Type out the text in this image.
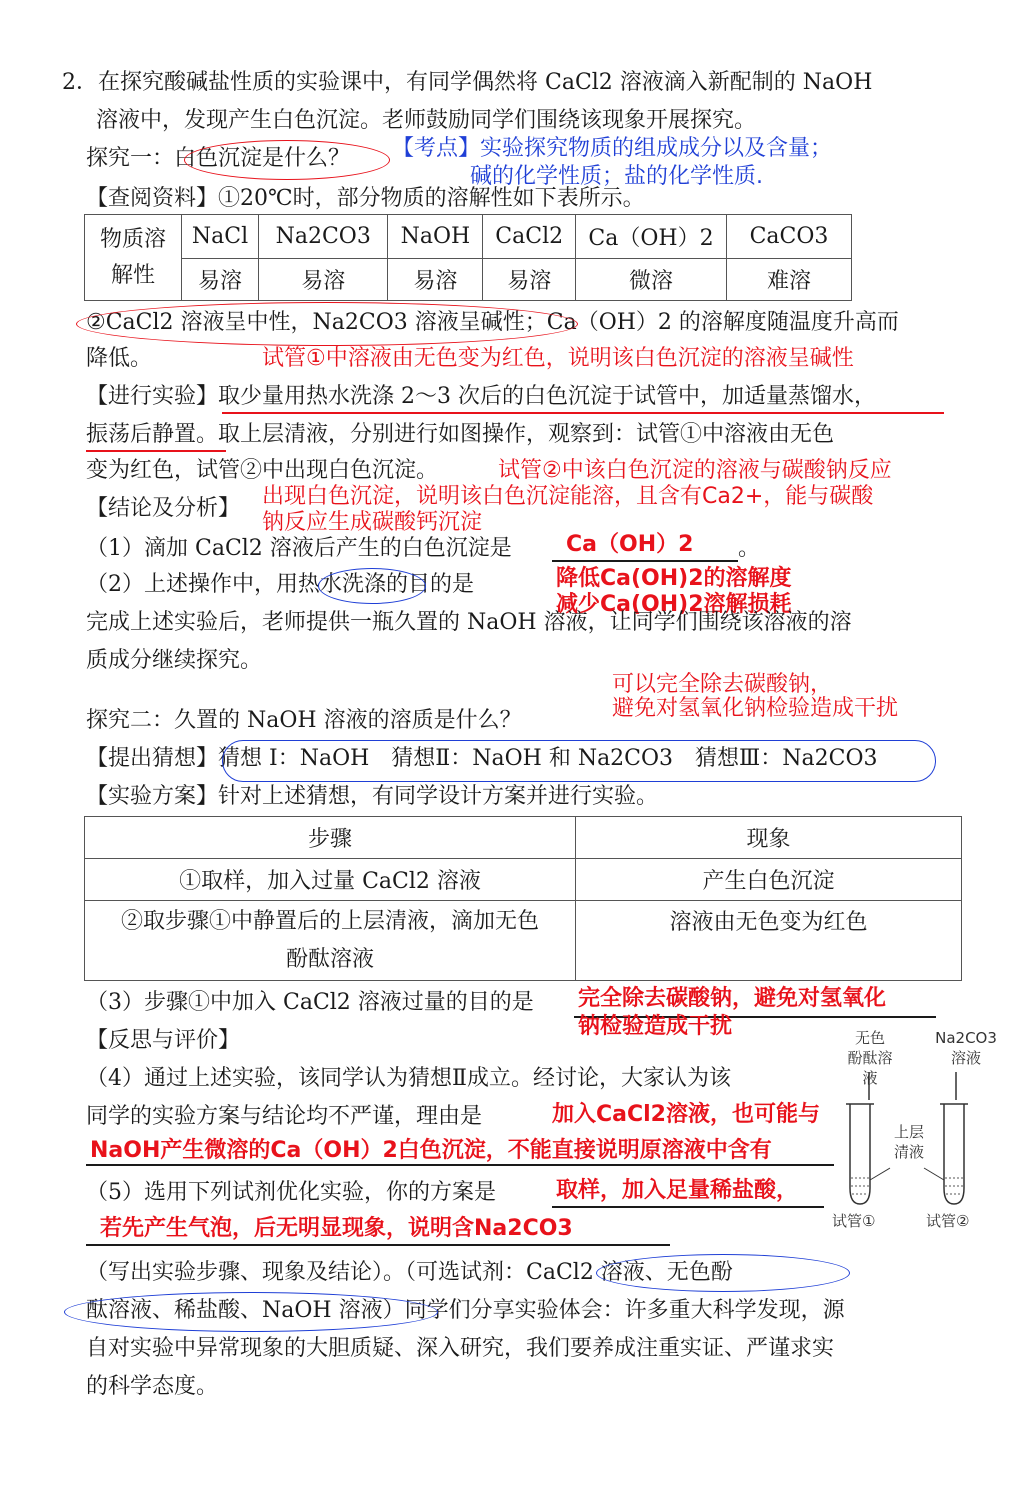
2．在探究酸碱盐性质的实验课中，有同学偶然将 CaCl2 溶液滴入新配制的 NaOH
溶液中，发现产生白色沉淀。老师鼓励同学们围绕该现象开展探究。
探究一：白色沉淀是什么？ 【考点】实验探究物质的组成成分以及含量；
碱的化学性质；盐的化学性质.
【查阅资料】①20℃时，部分物质的溶解性如下表所示。
物质溶
解性	NaCl	Na2CO3	NaOH	CaCl2	Ca（OH）2	CaCO3
	易溶	易溶	易溶	易溶	微溶	难溶
②CaCl2 溶液呈中性，Na2CO3 溶液呈碱性；Ca（OH）2 的溶解度随温度升高而
降低。	试管①中溶液由无色变为红色，说明该白色沉淀的溶液呈碱性
【进行实验】取少量用热水洗涤 2～3 次后的白色沉淀于试管中，加适量蒸馏水，
振荡后静置。取上层清液，分别进行如图操作，观察到：试管①中溶液由无色
变为红色，试管②中出现白色沉淀。	试管②中该白色沉淀的溶液与碳酸钠反应
出现白色沉淀，说明该白色沉淀能溶，且含有Ca2+，能与碳酸
【结论及分析】
钠反应生成碳酸钙沉淀
（1）滴加 CaCl2 溶液后产生的白色沉淀是 Ca（OH）2 。
（2）上述操作中，用热水洗涤的目的是	降低Ca(OH)2的溶解度
减少Ca(OH)2溶解损耗
完成上述实验后，老师提供一瓶久置的 NaOH 溶液，让同学们围绕该溶液的溶
质成分继续探究。
可以完全除去碳酸钠，
避免对氢氧化钠检验造成干扰
探究二：久置的 NaOH 溶液的溶质是什么？
【提出猜想】猜想 I：NaOH　猜想Ⅱ：NaOH 和 Na2CO3　猜想Ⅲ：Na2CO3
【实验方案】针对上述猜想，有同学设计方案并进行实验。
步骤	现象
①取样，加入过量 CaCl2 溶液	产生白色沉淀
②取步骤①中静置后的上层清液，滴加无色
酚酞溶液	溶液由无色变为红色
（3）步骤①中加入 CaCl2 溶液过量的目的是 完全除去碳酸钠，避免对氢氧化
钠检验造成干扰
【反思与评价】
（4）通过上述实验，该同学认为猜想Ⅱ成立。经讨论，大家认为该
同学的实验方案与结论均不严谨，理由是	加入CaCl2溶液，也可能与
NaOH产生微溶的Ca（OH）2白色沉淀，不能直接说明原溶液中含有
（5）选用下列试剂优化实验，你的方案是	取样，加入足量稀盐酸，
若先产生气泡，后无明显现象，说明含Na2CO3
（写出实验步骤、现象及结论）。（可选试剂：CaCl2 溶液、无色酚
酞溶液、稀盐酸、NaOH 溶液）同学们分享实验体会：许多重大科学发现，源
自对实验中异常现象的大胆质疑、深入研究，我们要养成注重实证、严谨求实
的科学态度。
无色
酚酞溶液
Na2CO3
溶液
上层
清液
试管①	试管②
